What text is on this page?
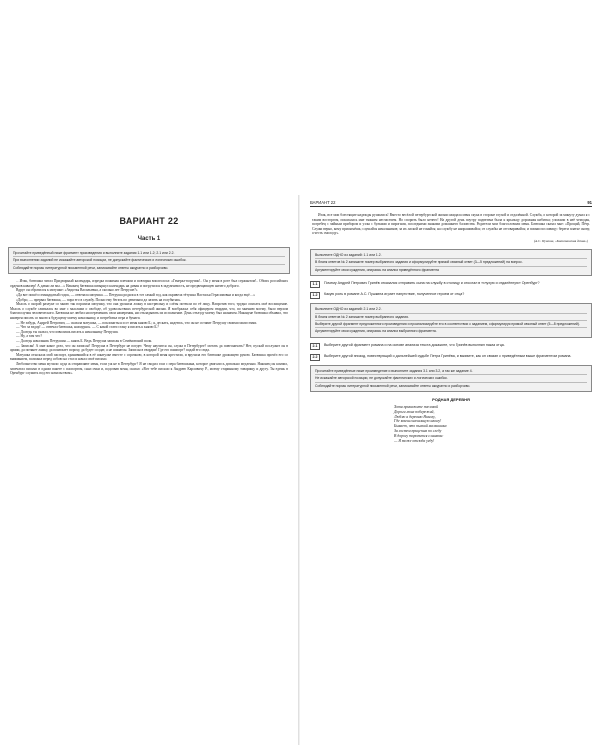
ВАРИАНТ 22
Часть 1
Прочитайте приведённый ниже фрагмент произведения и выполните задания 1.1 или 1.2; 2.1 или 2.2.
При выполнении заданий не искажайте авторской позиции, не допускайте фактических и логических ошибок.
Соблюдайте нормы литературной письменной речи, записывайте ответы аккуратно и разборчиво.

…Итак, батюшка читал Придворный календарь, изредка пожимая плечами и повторяя вполголоса: «Генерал-поручик!.. Он у меня в роте был сержантом!.. Обоих российских орденов кавалер! А давно ли мы…» Наконец батюшка швырнул календарь на диван и погрузился в задумчивость, не предвещавшую ничего доброго.

Вдруг он обратился к матушке: «Авдотья Васильевна, а сколько лет Петруше?»

«Да вот пошёл семнадцатый годок, — отвечала матушка. — Петруша родился в тот самый год, как окривела тётушка Настасья Герасимовна и когда ещё…»

«Добро, — прервал батюшка, — пора его в службу. Полно ему бегать по девичьим да лазить на голубятни».

Мысль о скорой разлуке со мною так поразила матушку, что она уронила ложку в кастрюльку и слёзы потекли по её лицу. Напротив того, трудно описать моё восхищение. Мысль о службе сливалась во мне с мыслями о свободе, об удовольствиях петербургской жизни. Я воображал себя офицером гвардии, что, по мнению моему, было верхом благополучия человеческого. Батюшка не любил ни переменять свои намерения, ни откладывать их исполнение. День отъезду моему был назначен. Накануне батюшка объявил, что намерен писать со мною к будущему моему начальнику, и потребовал пера и бумаги.

— Не забудь, Андрей Петрович, — сказала матушка, — поклониться и от меня князю Б.; я, дескать, надеюсь, что он не оставит Петрушу своими милостями.

— Что за вздор! — отвечал батюшка, нахмурясь. — С какой стати стану я писать к князю Б.?

— Да ведь ты сказал, что изволишь писать к начальнику Петруши.

— Ну, а там что?

— Да ведь начальник Петрушин — князь Б. Ведь Петруша записан в Семёновский полк.

— Записан! А мне какое дело, что он записан? Петруша в Петербург не поедет. Чему научится он, служа в Петербурге? мотать да повесничать? Нет, пускай послужит он в армии, да потянет лямку, да понюхает пороху, да будет солдат, а не шаматон. Записан в гвардии! Где его пашпорт? подай его сюда.

Матушка отыскала мой паспорт, хранившийся в её шкатулке вместе с сорочкою, в которой меня крестили, и вручила его батюшке дрожащею рукою. Батюшка прочёл его со вниманием, положил перед собою на стол и начал своё письмо.

Любопытство меня мучило: куда ж отправляют меня, если уж не в Петербург? Я не сводил глаз с пера батюшкина, которое двигалось довольно медленно. Наконец он кончил, запечатал письмо в одном пакете с паспортом, снял очки и, подозвав меня, сказал: «Вот тебе письмо к Андрею Карловичу Р., моему старинному товарищу и другу. Ты едешь в Оренбург служить под его начальством».

ВАРИАНТ 22	91

Итак, все мои блестящие надежды рушились! Вместо весёлой петербургской жизни ожидала меня скука в стороне глухой и отдалённой. Служба, о которой за минуту думал я с таким восторгом, показалась мне тяжким несчастием. Но спорить было нечего! На другой день поутру подвезена была к крыльцу дорожная кибитка; уложили в неё чемодан, погребец с чайным прибором и узлы с булками и пирогами, последними знаками домашнего баловства. Родители мои благословили меня. Батюшка сказал мне: «Прощай, Пётр. Служи верно, кому присягнёшь; слушайся начальников; за их лаской не гоняйся; на службу не напрашивайся; от службы не отговаривайся; и помни пословицу: береги платье снову, а честь смолоду».

(А.С. Пушкин, «Капитанская дочка»)
Выполните ОДНО из заданий: 1.1 или 1.2.
В бланк ответов № 2 запишите номер выбранного задания и сформулируйте прямой связный ответ (3—5 предложений) на вопрос.
Аргументируйте свои суждения, опираясь на анализ приведённого фрагмента
1.1	Почему Андрей Петрович Гринёв отказался отправить сына на службу в столицу и отослал в «глухую и отдалённую» Оренбург?
1.2	Какую роль в романе А.С. Пушкина играет напутствие, полученное героем от отца?
Выполните ОДНО из заданий: 2.1 или 2.2.
В бланк ответов № 2 запишите номер выбранного задания.
Выберите другой фрагмент предложенного произведения и проанализируйте его в соответствии с заданием, сформулируя прямой связный ответ (5—8 предложений).
Аргументируйте свои суждения, опираясь на анализ выбранного фрагмента.
2.1	Выберите другой фрагмент романа и на основе анализа текста докажите, что Гринёв выполнил наказ отца.
2.2	Выберите другой эпизод, повествующий о дальнейшей судьбе Петра Гринёва, и выявите, как он связан с приведённым выше фрагментом романа.
Прочитайте приведённые ниже произведение и выполните задания 3.1 или 3.2, а так же задание 4.
Не искажайте авторской позиции, не допускайте фактических и логических ошибок.
Соблюдайте нормы литературной письменной речи, записывайте ответы аккуратно и разборчиво.
РОДНАЯ ДЕРЕВНЯ
Хотя прикажите пчеловой
Дороги моих побережий,
Люблю я деревню Николу,
Где кончил начальную школу!
Бывает, что пылкий мальчишка
За гостем прицепим по следу
В дорогу торопится слишком:
— Я тоже отсюда уеду!
